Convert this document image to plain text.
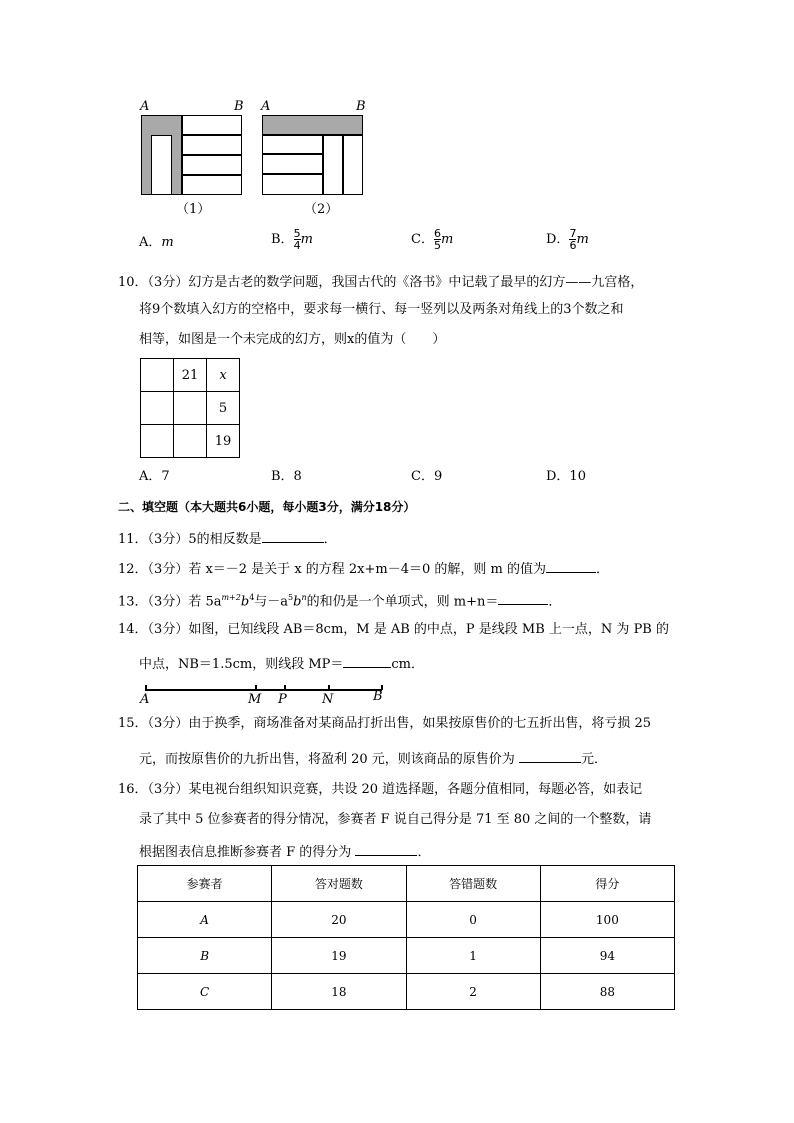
A	B
（1）
A	B
（2）
A．m	B． $\frac{5}{4}$ m	C． $\frac{6}{5}$ m	D． $\frac{7}{6}$ m
10．（3分）幻方是古老的数学问题，我国古代的《洛书》中记载了最早的幻方——九宫格，
将9个数填入幻方的空格中，要求每一横行、每一竖列以及两条对角线上的3个数之和
相等，如图是一个未完成的幻方，则x的值为（　　）
	21	x
		5
		19
A．7	B．8	C．9	D．10
二、填空题（本大题共6小题，每小题3分，满分18分）
11．（3分）5的相反数是	．
12．（3分）若 x＝－2 是关于 x 的方程 2x+m－4＝0 的解，则 m 的值为	．
13．（3分）若 $5a^{m+2}b^4$与$-a^5b^n$的和仍是一个单项式，则 m+n＝	．
14．（3分）如图，已知线段 AB＝8cm，M 是 AB 的中点，P 是线段 MB 上一点，N 为 PB 的
中点，NB＝1.5cm，则线段 MP＝	cm．
A	M P	N	B
15．（3分）由于换季，商场准备对某商品打折出售，如果按原售价的七五折出售，将亏损 25
元，而按原售价的九折出售，将盈利 20 元，则该商品的原售价为	元．
16．（3分）某电视台组织知识竞赛，共设 20 道选择题，各题分值相同，每题必答，如表记
录了其中 5 位参赛者的得分情况，参赛者 F 说自己得分是 71 至 80 之间的一个整数，请
根据图表信息推断参赛者 F 的得分为	．
参赛者	答对题数	答错题数	得分
A	20	0	100
B	19	1	94
C	18	2	88
